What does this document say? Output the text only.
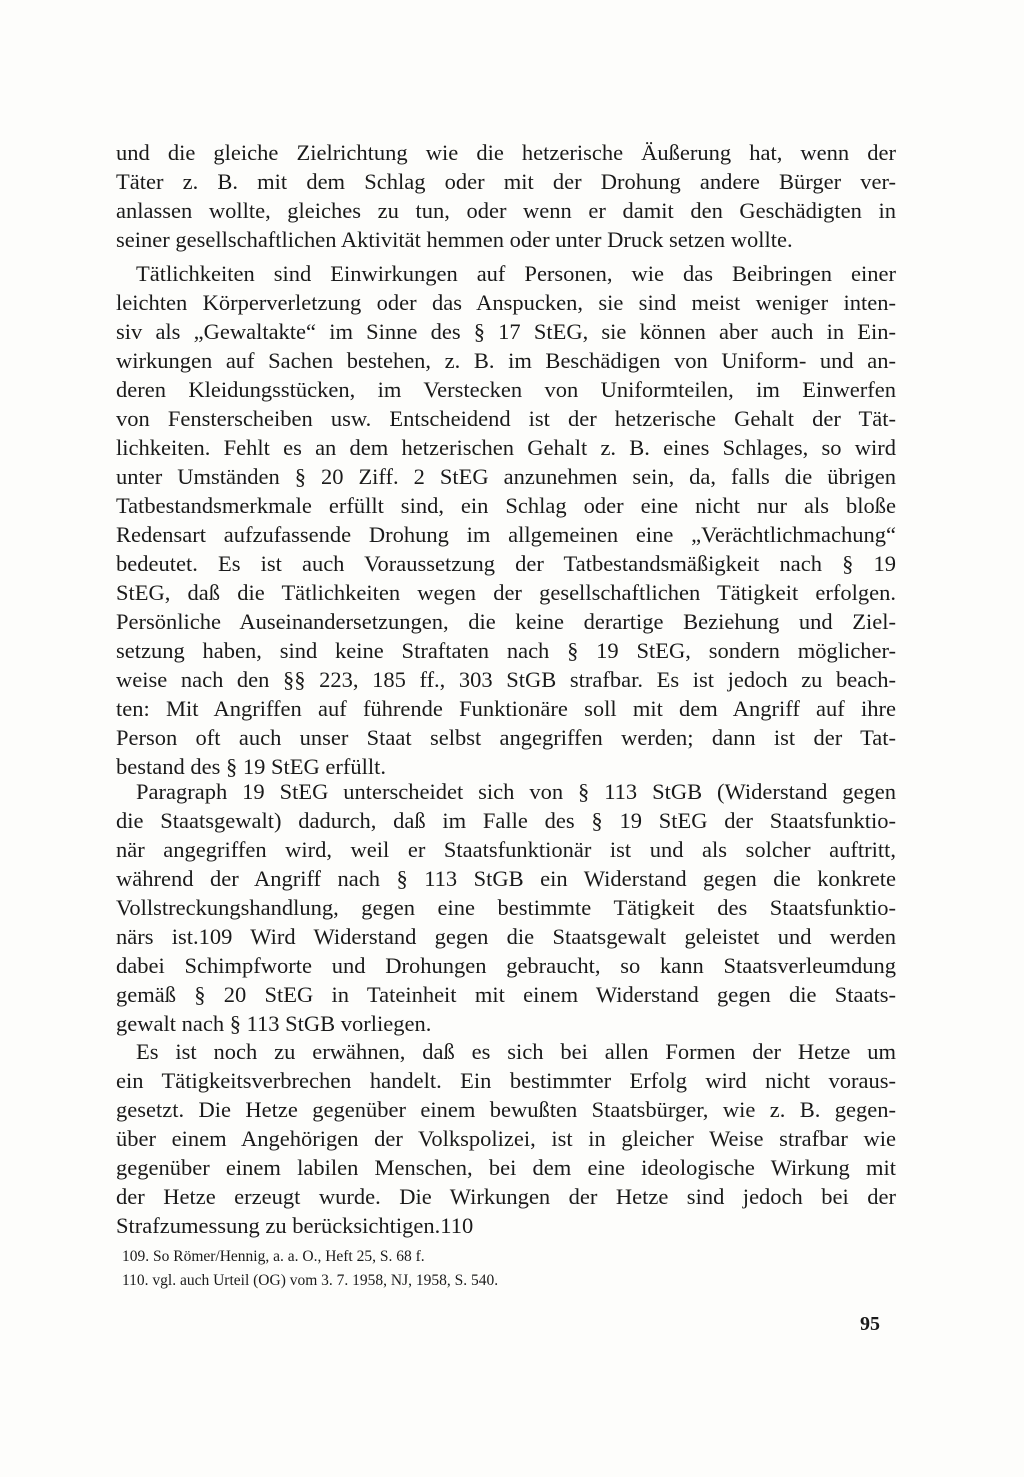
und die gleiche Zielrichtung wie die hetzerische Äußerung hat, wenn der
Täter z. B. mit dem Schlag oder mit der Drohung andere Bürger ver-
anlassen wollte, gleiches zu tun, oder wenn er damit den Geschädigten in
seiner gesellschaftlichen Aktivität hemmen oder unter Druck setzen wollte.
Tätlichkeiten sind Einwirkungen auf Personen, wie das Beibringen einer
leichten Körperverletzung oder das Anspucken, sie sind meist weniger inten-
siv als „Gewaltakte“ im Sinne des § 17 StEG, sie können aber auch in Ein-
wirkungen auf Sachen bestehen, z. B. im Beschädigen von Uniform- und an-
deren Kleidungsstücken, im Verstecken von Uniformteilen, im Einwerfen
von Fensterscheiben usw. Entscheidend ist der hetzerische Gehalt der Tät-
lichkeiten. Fehlt es an dem hetzerischen Gehalt z. B. eines Schlages, so wird
unter Umständen § 20 Ziff. 2 StEG anzunehmen sein, da, falls die übrigen
Tatbestandsmerkmale erfüllt sind, ein Schlag oder eine nicht nur als bloße
Redensart aufzufassende Drohung im allgemeinen eine „Verächtlichmachung“
bedeutet. Es ist auch Voraussetzung der Tatbestandsmäßigkeit nach § 19
StEG, daß die Tätlichkeiten wegen der gesellschaftlichen Tätigkeit erfolgen.
Persönliche Auseinandersetzungen, die keine derartige Beziehung und Ziel-
setzung haben, sind keine Straftaten nach § 19 StEG, sondern möglicher-
weise nach den §§ 223, 185 ff., 303 StGB strafbar. Es ist jedoch zu beach-
ten: Mit Angriffen auf führende Funktionäre soll mit dem Angriff auf ihre
Person oft auch unser Staat selbst angegriffen werden; dann ist der Tat-
bestand des § 19 StEG erfüllt.
Paragraph 19 StEG unterscheidet sich von § 113 StGB (Widerstand gegen
die Staatsgewalt) dadurch, daß im Falle des § 19 StEG der Staatsfunktio-
när angegriffen wird, weil er Staatsfunktionär ist und als solcher auftritt,
während der Angriff nach § 113 StGB ein Widerstand gegen die konkrete
Vollstreckungshandlung, gegen eine bestimmte Tätigkeit des Staatsfunktio-
närs ist.109 Wird Widerstand gegen die Staatsgewalt geleistet und werden
dabei Schimpfworte und Drohungen gebraucht, so kann Staatsverleumdung
gemäß § 20 StEG in Tateinheit mit einem Widerstand gegen die Staats-
gewalt nach § 113 StGB vorliegen.
Es ist noch zu erwähnen, daß es sich bei allen Formen der Hetze um
ein Tätigkeitsverbrechen handelt. Ein bestimmter Erfolg wird nicht voraus-
gesetzt. Die Hetze gegenüber einem bewußten Staatsbürger, wie z. B. gegen-
über einem Angehörigen der Volkspolizei, ist in gleicher Weise strafbar wie
gegenüber einem labilen Menschen, bei dem eine ideologische Wirkung mit
der Hetze erzeugt wurde. Die Wirkungen der Hetze sind jedoch bei der
Strafzumessung zu berücksichtigen.110
109. So Römer/Hennig, a. a. O., Heft 25, S. 68 f.
110. vgl. auch Urteil (OG) vom 3. 7. 1958, NJ, 1958, S. 540.
95
